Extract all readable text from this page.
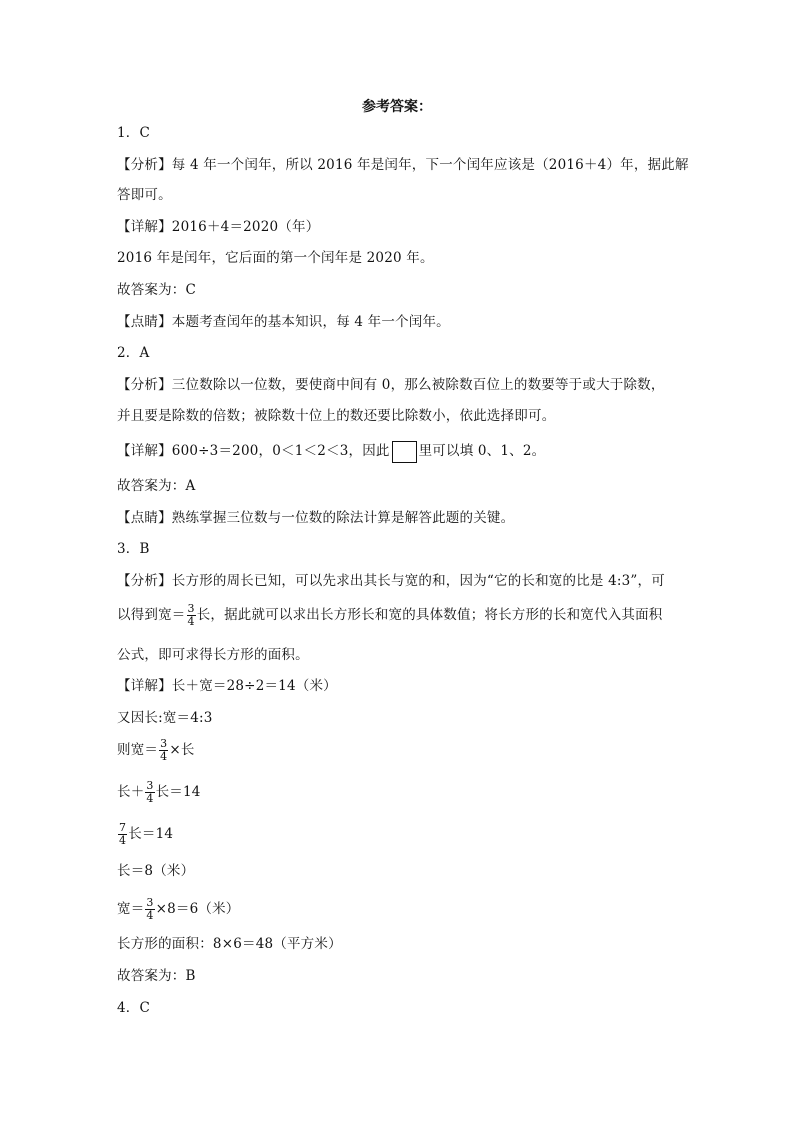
参考答案：
1．C
【分析】每 4 年一个闰年，所以 2016 年是闰年，下一个闰年应该是（2016＋4）年，据此解
答即可。
【详解】2016＋4＝2020（年）
2016 年是闰年，它后面的第一个闰年是 2020 年。
故答案为：C
【点睛】本题考查闰年的基本知识，每 4 年一个闰年。
2．A
【分析】三位数除以一位数，要使商中间有 0，那么被除数百位上的数要等于或大于除数，
并且要是除数的倍数；被除数十位上的数还要比除数小，依此选择即可。
【详解】600÷3＝200，0＜1＜2＜3，因此 里可以填 0、1、2。
故答案为：A
【点睛】熟练掌握三位数与一位数的除法计算是解答此题的关键。
3．B
【分析】长方形的周长已知，可以先求出其长与宽的和，因为“它的长和宽的比是 4:3”，可
以得到宽＝ $\frac{3}{4}$ 长，据此就可以求出长方形长和宽的具体数值；将长方形的长和宽代入其面积
公式，即可求得长方形的面积。
【详解】长＋宽＝28÷2＝14（米）
又因长:宽＝4:3
则宽＝ $\frac{3}{4}$ ×长
长＋ $\frac{3}{4}$ 长＝14
$\frac{7}{4}$ 长＝14
长＝8（米）
宽＝ $\frac{3}{4} \times 8=6$（米）
长方形的面积：8×6＝48（平方米）
故答案为：B
4．C
